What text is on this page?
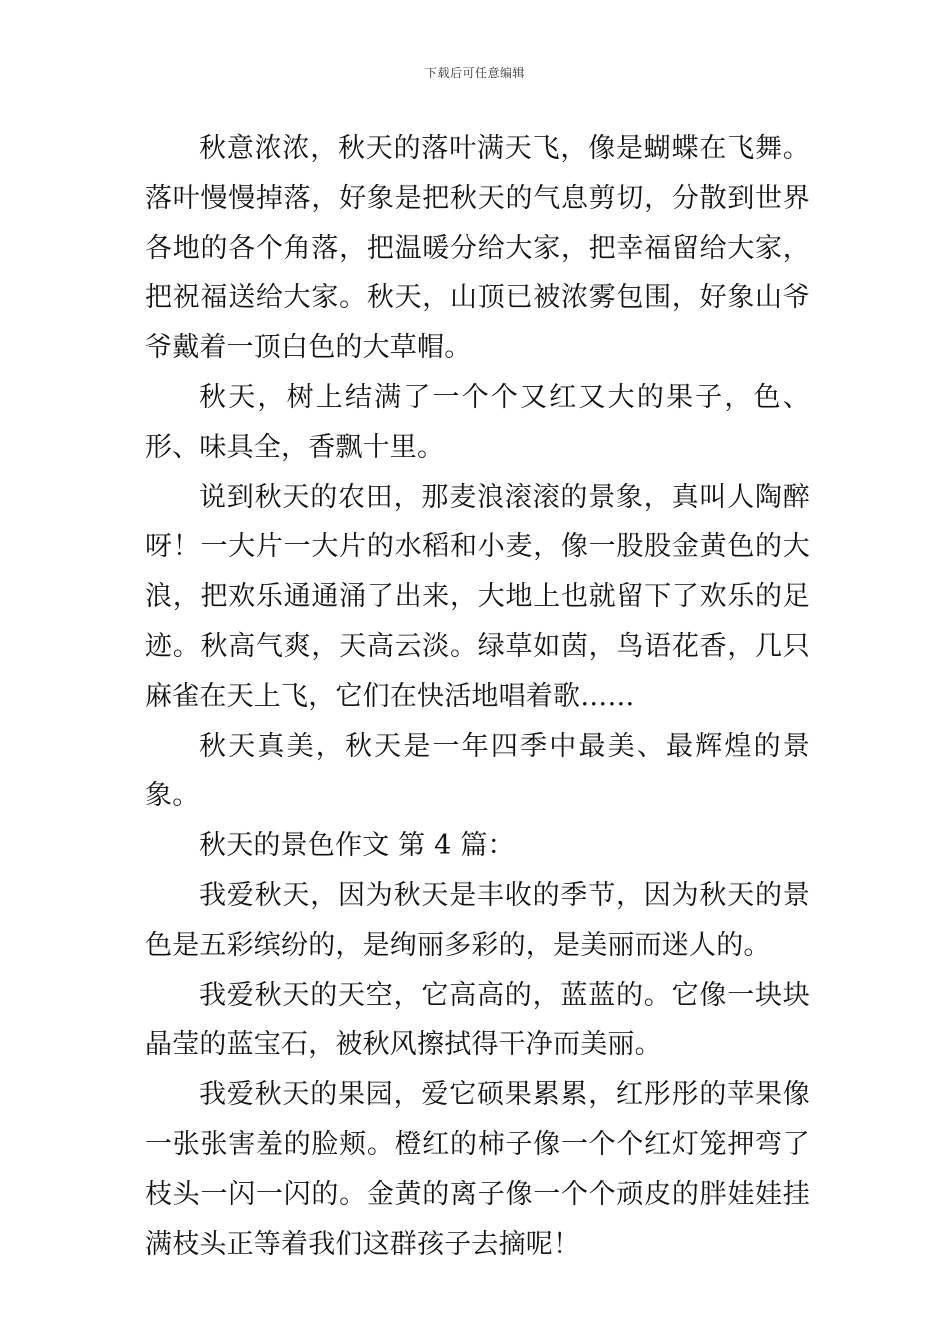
下载后可任意编辑

秋意浓浓，秋天的落叶满天飞，像是蝴蝶在飞舞。落叶慢慢掉落，好象是把秋天的气息剪切，分散到世界各地的各个角落，把温暖分给大家，把幸福留给大家，把祝福送给大家。秋天，山顶已被浓雾包围，好象山爷爷戴着一顶白色的大草帽。

秋天，树上结满了一个个又红又大的果子，色、形、味具全，香飘十里。

说到秋天的农田，那麦浪滚滚的景象，真叫人陶醉呀！一大片一大片的水稻和小麦，像一股股金黄色的大浪，把欢乐通通涌了出来，大地上也就留下了欢乐的足迹。秋高气爽，天高云淡。绿草如茵，鸟语花香，几只麻雀在天上飞，它们在快活地唱着歌……

秋天真美，秋天是一年四季中最美、最辉煌的景象。

秋天的景色作文 第 4 篇：

我爱秋天，因为秋天是丰收的季节，因为秋天的景色是五彩缤纷的，是绚丽多彩的，是美丽而迷人的。

我爱秋天的天空，它高高的，蓝蓝的。它像一块块晶莹的蓝宝石，被秋风擦拭得干净而美丽。

我爱秋天的果园，爱它硕果累累，红彤彤的苹果像一张张害羞的脸颊。橙红的柿子像一个个红灯笼押弯了枝头一闪一闪的。金黄的离子像一个个顽皮的胖娃娃挂满枝头正等着我们这群孩子去摘呢！
